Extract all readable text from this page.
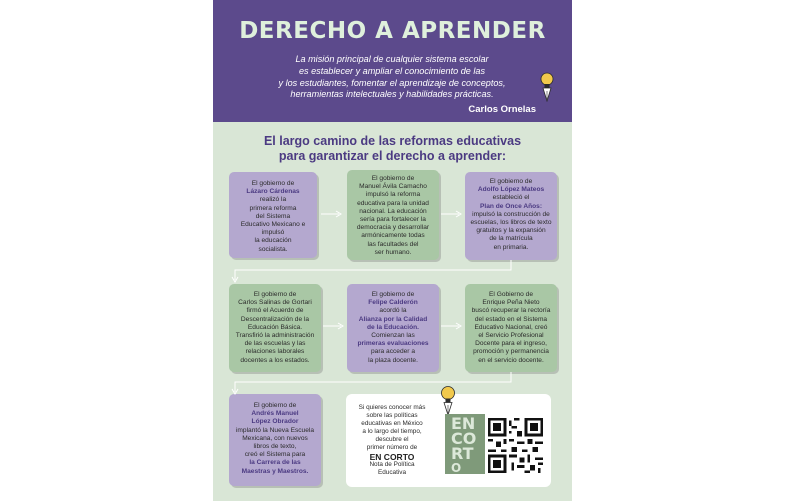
DERECHO A APRENDER
La misión principal de cualquier sistema escolar
es establecer y ampliar el conocimiento de las
y los estudiantes, fomentar el aprendizaje de conceptos,
herramientas intelectuales y habilidades prácticas.
Carlos Ornelas
El largo camino de las reformas educativas
para garantizar el derecho a aprender:
El gobierno de
Lázaro Cárdenas
realizó la
primera reforma
del Sistema
Educativo Mexicano e
impulsó
la educación
socialista.
El gobierno de
Manuel Ávila Camacho
impulsó la reforma
educativa para la unidad
nacional. La educación
sería para fortalecer la
democracia y desarrollar
armónicamente todas
las facultades del
ser humano.
El gobierno de
Adolfo López Mateos
estableció el
Plan de Once Años:
impulsó la construcción de
escuelas, los libros de texto
gratuitos y la expansión
de la matrícula
en primaria.
El gobierno de
Carlos Salinas de Gortari
firmó el Acuerdo de
Descentralización de la
Educación Básica.
Transfirió la administración
de las escuelas y las
relaciones laborales
docentes a los estados.
El gobierno de
Felipe Calderón
acordó la
Alianza por la Calidad
de la Educación.
Comienzan las
primeras evaluaciones
para acceder a
la plaza docente.
El Gobierno de
Enrique Peña Nieto
buscó recuperar la rectoría
del estado en el Sistema
Educativo Nacional, creó
el Servicio Profesional
Docente para el ingreso,
promoción y permanencia
en el servicio docente.
El gobierno de
Andrés Manuel
López Obrador
implantó la Nueva Escuela
Mexicana, con nuevos
libros de texto,
creó el Sistema para
la Carrera de las
Maestras y Maestros.
Si quieres conocer más
sobre las políticas
educativas en México
a lo largo del tiempo,
descubre el
primer número de
EN CORTO
Nota de Política
Educativa
EN
CO
RT
O
